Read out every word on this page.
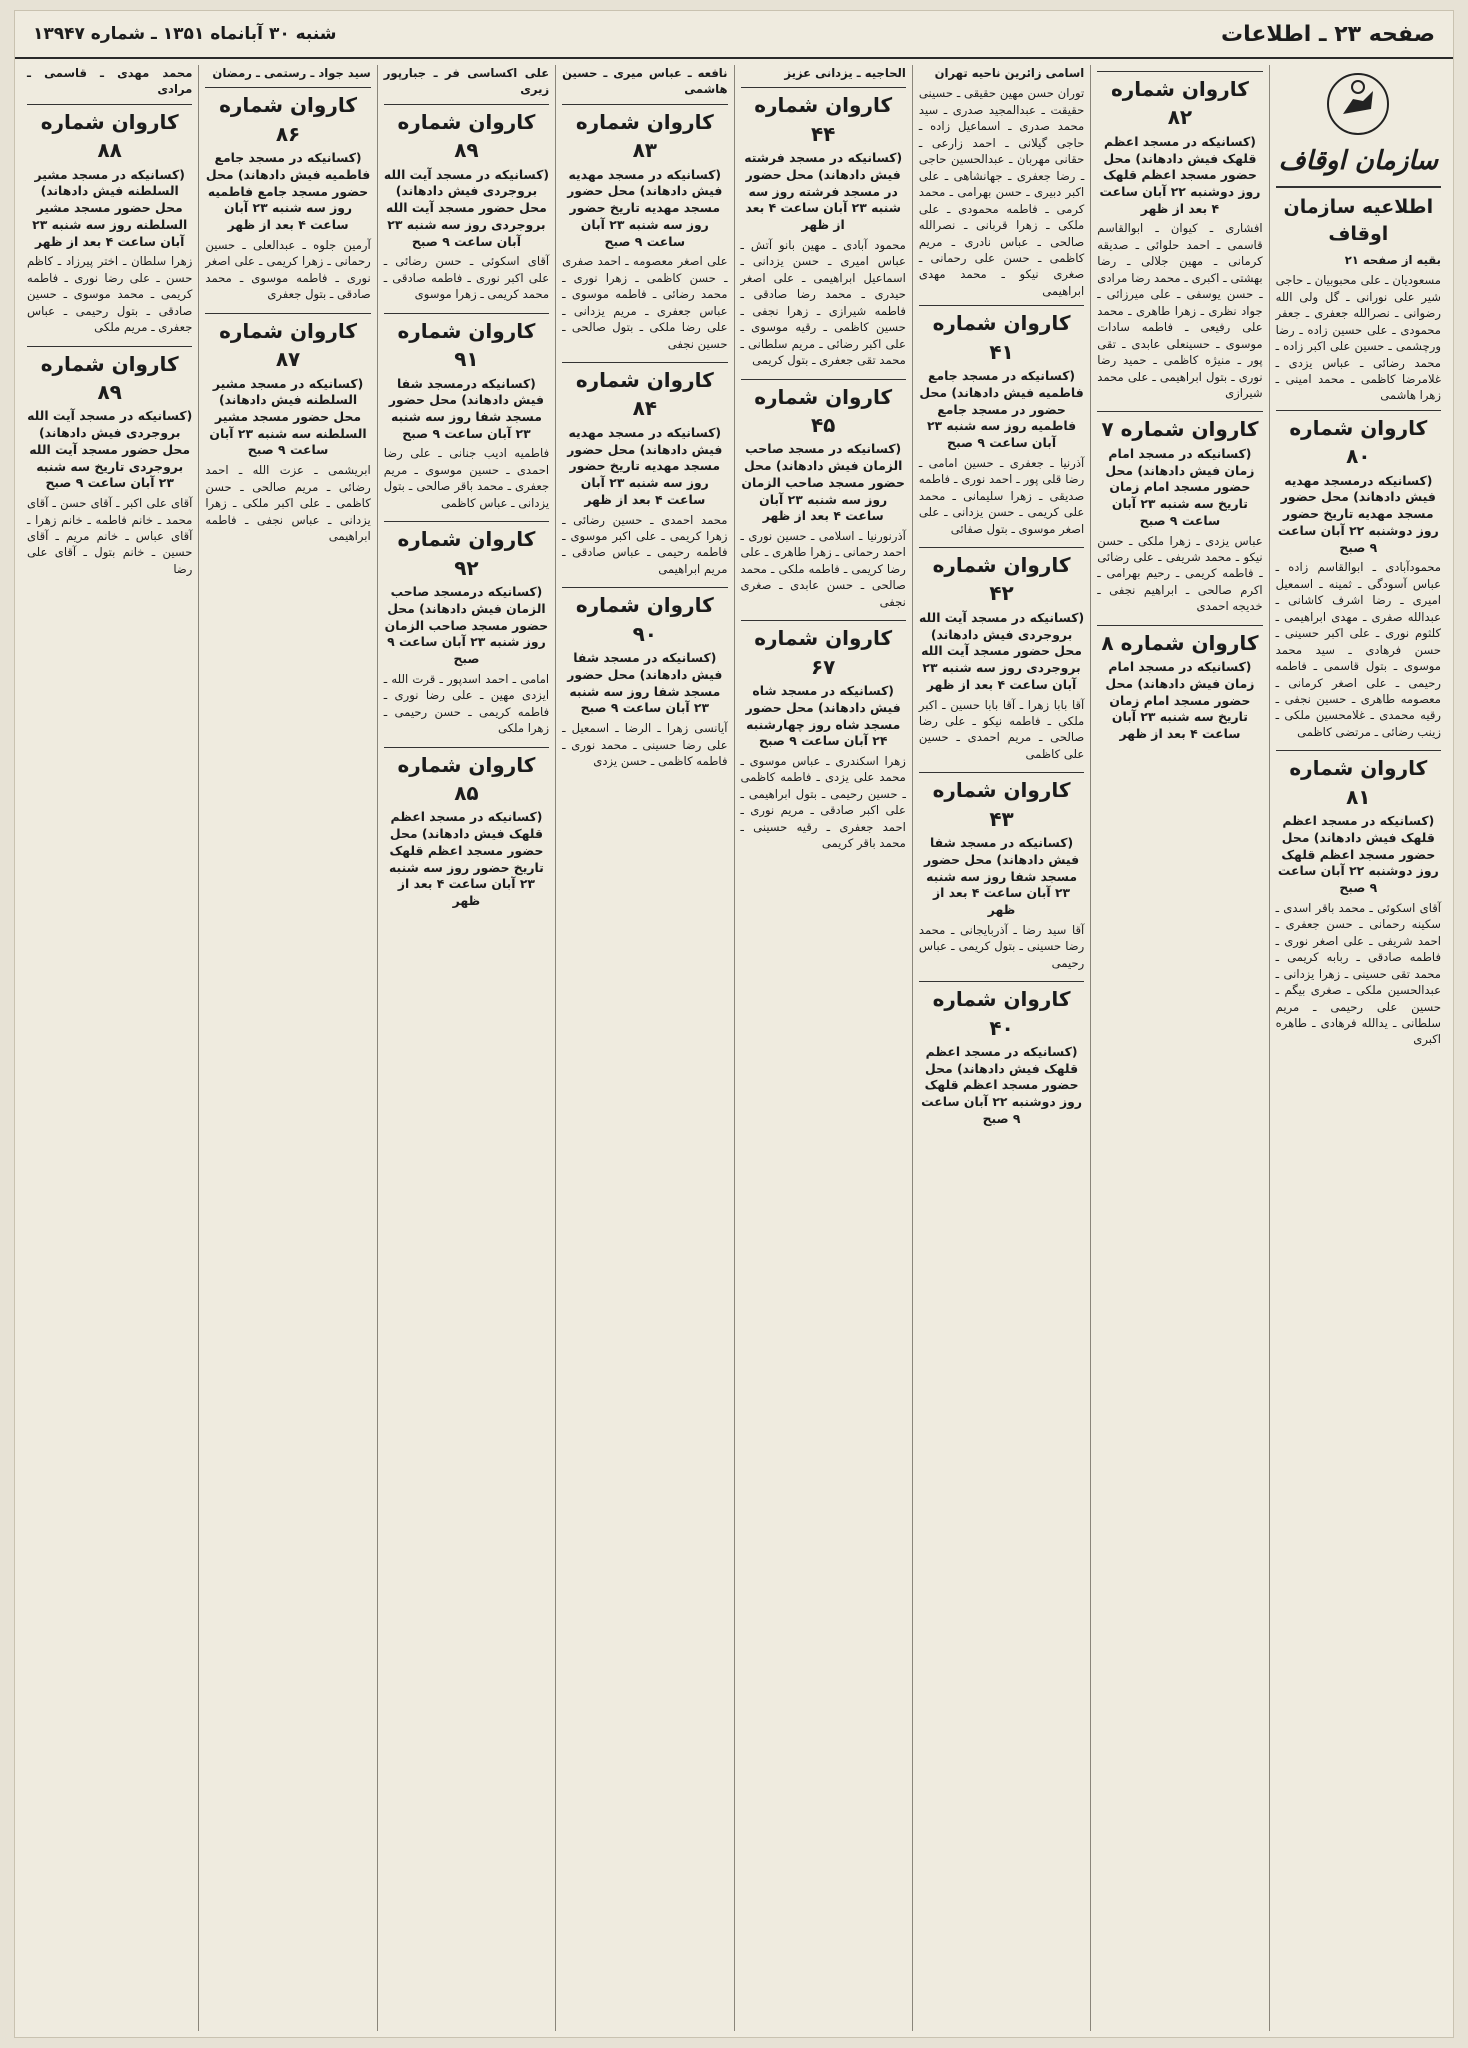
صفحه ۲۳ ـ اطلاعات
شنبه ۳۰ آبانماه ۱۳۵۱ ـ شماره ۱۳۹۴۷
سازمان اوقاف
اطلاعیه سازمان اوقاف

بقیه از صفحه ۲۱

مسعودیان ـ علی محبوبیان ـ حاجی شیر علی نورانی ـ گل ولی الله رضوانی ـ نصرالله جعفری ـ جعفر محمودی ـ علی حسین زاده ـ رضا ورچشمی ـ حسین علی اکبر زاده ـ محمد رضائی ـ عباس یزدی ـ غلامرضا کاظمی ـ محمد امینی ـ زهرا هاشمی

کاروان شماره ۸۰
(کسانیکه درمسجد مهدیه فیش دادهاند) محل حضور مسجد مهدیه تاریخ حضور روز دوشنبه ۲۲ آبان ساعت ۹ صبح

محمودآبادی ـ ابوالقاسم زاده ـ عباس آسودگی ـ ثمینه ـ اسمعیل امیری ـ رضا اشرف کاشانی ـ عبدالله صفری ـ مهدی ابراهیمی ـ کلثوم نوری ـ علی اکبر حسینی ـ حسن فرهادی ـ سید محمد موسوی ـ بتول قاسمی ـ فاطمه رحیمی ـ علی اصغر کرمانی ـ معصومه طاهری ـ حسین نجفی ـ رقیه محمدی ـ غلامحسین ملکی ـ زینب رضائی ـ مرتضی کاظمی

کاروان شماره ۸۱
(کسانیکه در مسجد اعظم قلهک فیش دادهاند) محل حضور مسجد اعظم قلهک روز دوشنبه ۲۲ آبان ساعت ۹ صبح

آقای اسکوئی ـ محمد باقر اسدی ـ سکینه رحمانی ـ حسن جعفری ـ احمد شریفی ـ علی اصغر نوری ـ فاطمه صادقی ـ ربابه کریمی ـ محمد تقی حسینی ـ زهرا یزدانی ـ عبدالحسین ملکی ـ صغری بیگم ـ حسین علی رحیمی ـ مریم سلطانی ـ یدالله فرهادی ـ طاهره اکبری

کاروان شماره ۸۲
(کسانیکه در مسجد اعظم قلهک فیش دادهاند) محل حضور مسجد اعظم قلهک روز دوشنبه ۲۲ آبان ساعت ۴ بعد از ظهر

افشاری ـ کیوان ـ ابوالقاسم قاسمی ـ احمد حلوائی ـ صدیقه کرمانی ـ مهین جلالی ـ رضا بهشتی ـ اکبری ـ محمد رضا مرادی ـ حسن یوسفی ـ علی میرزائی ـ جواد نظری ـ زهرا طاهری ـ محمد علی رفیعی ـ فاطمه سادات موسوی ـ حسینعلی عابدی ـ تقی پور ـ منیژه کاظمی ـ حمید رضا نوری ـ بتول ابراهیمی ـ علی محمد شیرازی

کاروان شماره ۷
(کسانیکه در مسجد امام زمان فیش دادهاند) محل حضور مسجد امام زمان تاریخ سه شنبه ۲۳ آبان ساعت ۹ صبح

عباس یزدی ـ زهرا ملکی ـ حسن نیکو ـ محمد شریفی ـ علی رضائی ـ فاطمه کریمی ـ رحیم بهرامی ـ اکرم صالحی ـ ابراهیم نجفی ـ خدیجه احمدی

کاروان شماره ۸
(کسانیکه در مسجد امام زمان فیش دادهاند) محل حضور مسجد امام زمان تاریخ سه شنبه ۲۳ آبان ساعت ۴ بعد از ظهر

اسامی زائرین ناحیه تهران

توران حسن مهین حقیقی ـ حسینی حقیقت ـ عبدالمجید صدری ـ سید محمد صدری ـ اسماعیل زاده ـ حاجی گیلانی ـ احمد زارعی ـ حقانی مهربان ـ عبدالحسین حاجی ـ رضا جعفری ـ جهانشاهی ـ علی اکبر دبیری ـ حسن بهرامی ـ محمد کرمی ـ فاطمه محمودی ـ علی ملکی ـ زهرا قربانی ـ نصرالله صالحی ـ عباس نادری ـ مریم کاظمی ـ حسن علی رحمانی ـ صغری نیکو ـ محمد مهدی ابراهیمی

کاروان شماره ۴۱
(کسانیکه در مسجد جامع فاطمیه فیش دادهاند) محل حضور در مسجد جامع فاطمیه روز سه شنبه ۲۳ آبان ساعت ۹ صبح

آذرنیا ـ جعفری ـ حسین امامی ـ رضا قلی پور ـ احمد نوری ـ فاطمه صدیقی ـ زهرا سلیمانی ـ محمد علی کریمی ـ حسن یزدانی ـ علی اصغر موسوی ـ بتول صفائی

کاروان شماره ۴۲
(کسانیکه در مسجد آیت الله بروجردی فیش دادهاند) محل حضور مسجد آیت الله بروجردی روز سه شنبه ۲۳ آبان ساعت ۴ بعد از ظهر

آقا بابا زهرا ـ آقا بابا حسین ـ اکبر ملکی ـ فاطمه نیکو ـ علی رضا صالحی ـ مریم احمدی ـ حسین علی کاظمی

کاروان شماره ۴۳
(کسانیکه در مسجد شفا فیش دادهاند) محل حضور مسجد شفا روز سه شنبه ۲۳ آبان ساعت ۴ بعد از ظهر

آقا سید رضا ـ آذربایجانی ـ محمد رضا حسینی ـ بتول کریمی ـ عباس رحیمی

کاروان شماره ۴۰
(کسانیکه در مسجد اعظم قلهک فیش دادهاند) محل حضور مسجد اعظم قلهک روز دوشنبه ۲۲ آبان ساعت ۹ صبح

الحاجیه ـ یزدانی عزیز

کاروان شماره ۴۴
(کسانیکه در مسجد فرشته فیش دادهاند) محل حضور در مسجد فرشته روز سه شنبه ۲۳ آبان ساعت ۴ بعد از ظهر

محمود آبادی ـ مهین بانو آتش ـ عباس امیری ـ حسن یزدانی ـ اسماعیل ابراهیمی ـ علی اصغر حیدری ـ محمد رضا صادقی ـ فاطمه شیرازی ـ زهرا نجفی ـ حسین کاظمی ـ رقیه موسوی ـ علی اکبر رضائی ـ مریم سلطانی ـ محمد تقی جعفری ـ بتول کریمی

کاروان شماره ۴۵
(کسانیکه در مسجد صاحب الزمان فیش دادهاند) محل حضور مسجد صاحب الزمان روز سه شنبه ۲۳ آبان ساعت ۴ بعد از ظهر

آذرنورنیا ـ اسلامی ـ حسین نوری ـ احمد رحمانی ـ زهرا طاهری ـ علی رضا کریمی ـ فاطمه ملکی ـ محمد صالحی ـ حسن عابدی ـ صغری نجفی

کاروان شماره ۶۷
(کسانیکه در مسجد شاه فیش دادهاند) محل حضور مسجد شاه روز چهارشنبه ۲۴ آبان ساعت ۹ صبح

زهرا اسکندری ـ عباس موسوی ـ محمد علی یزدی ـ فاطمه کاظمی ـ حسین رحیمی ـ بتول ابراهیمی ـ علی اکبر صادقی ـ مریم نوری ـ احمد جعفری ـ رقیه حسینی ـ محمد باقر کریمی

نافعه ـ عباس میری ـ حسین هاشمی

کاروان شماره ۸۳
(کسانیکه در مسجد مهدیه فیش دادهاند) محل حضور مسجد مهدیه تاریخ حضور روز سه شنبه ۲۳ آبان ساعت ۹ صبح

علی اصغر معصومه ـ احمد صفری ـ حسن کاظمی ـ زهرا نوری ـ محمد رضائی ـ فاطمه موسوی ـ عباس جعفری ـ مریم یزدانی ـ علی رضا ملکی ـ بتول صالحی ـ حسین نجفی

کاروان شماره ۸۴
(کسانیکه در مسجد مهدیه فیش دادهاند) محل حضور مسجد مهدیه تاریخ حضور روز سه شنبه ۲۳ آبان ساعت ۴ بعد از ظهر

محمد احمدی ـ حسین رضائی ـ زهرا کریمی ـ علی اکبر موسوی ـ فاطمه رحیمی ـ عباس صادقی ـ مریم ابراهیمی

کاروان شماره ۹۰
(کسانیکه در مسجد شفا فیش دادهاند) محل حضور مسجد شفا روز سه شنبه ۲۳ آبان ساعت ۹ صبح

آیانسی زهرا ـ الرضا ـ اسمعیل ـ علی رضا حسینی ـ محمد نوری ـ فاطمه کاظمی ـ حسن یزدی

علی اکساسی فر ـ جبارپور زیری

کاروان شماره ۸۹
(کسانیکه در مسجد آیت الله بروجردی فیش دادهاند) محل حضور مسجد آیت الله بروجردی روز سه شنبه ۲۳ آبان ساعت ۹ صبح

آقای اسکوئی ـ حسن رضائی ـ علی اکبر نوری ـ فاطمه صادقی ـ محمد کریمی ـ زهرا موسوی

کاروان شماره ۹۱
(کسانیکه درمسجد شفا فیش دادهاند) محل حضور مسجد شفا روز سه شنبه ۲۳ آبان ساعت ۹ صبح

فاطمیه ادیب جنانی ـ علی رضا احمدی ـ حسین موسوی ـ مریم جعفری ـ محمد باقر صالحی ـ بتول یزدانی ـ عباس کاظمی

کاروان شماره ۹۲
(کسانیکه درمسجد صاحب الزمان فیش دادهاند) محل حضور مسجد صاحب الزمان روز شنبه ۲۳ آبان ساعت ۹ صبح

امامی ـ احمد اسدپور ـ قرت الله ـ ایزدی مهین ـ علی رضا نوری ـ فاطمه کریمی ـ حسن رحیمی ـ زهرا ملکی

کاروان شماره ۸۵
(کسانیکه در مسجد اعظم قلهک فیش دادهاند) محل حضور مسجد اعظم قلهک تاریخ حضور روز سه شنبه ۲۳ آبان ساعت ۴ بعد از ظهر

سید جواد ـ رستمی ـ رمضان

کاروان شماره ۸۶
(کسانیکه در مسجد جامع فاطمیه فیش دادهاند) محل حضور مسجد جامع فاطمیه روز سه شنبه ۲۳ آبان ساعت ۴ بعد از ظهر

آرمین جلوه ـ عبدالعلی ـ حسین رحمانی ـ زهرا کریمی ـ علی اصغر نوری ـ فاطمه موسوی ـ محمد صادقی ـ بتول جعفری

کاروان شماره ۸۷
(کسانیکه در مسجد مشیر السلطنه فیش دادهاند) محل حضور مسجد مشیر السلطنه سه شنبه ۲۳ آبان ساعت ۹ صبح

ابریشمی ـ عزت الله ـ احمد رضائی ـ مریم صالحی ـ حسن کاظمی ـ علی اکبر ملکی ـ زهرا یزدانی ـ عباس نجفی ـ فاطمه ابراهیمی

محمد مهدی ـ قاسمی ـ مرادی

کاروان شماره ۸۸
(کسانیکه در مسجد مشیر السلطنه فیش دادهاند) محل حضور مسجد مشیر السلطنه روز سه شنبه ۲۳ آبان ساعت ۴ بعد از ظهر

زهرا سلطان ـ اختر پیرزاد ـ کاظم حسن ـ علی رضا نوری ـ فاطمه کریمی ـ محمد موسوی ـ حسین صادقی ـ بتول رحیمی ـ عباس جعفری ـ مریم ملکی

کاروان شماره ۸۹
(کسانیکه در مسجد آیت الله بروجردی فیش دادهاند) محل حضور مسجد آیت الله بروجردی تاریخ سه شنبه ۲۳ آبان ساعت ۹ صبح

آقای علی اکبر ـ آقای حسن ـ آقای محمد ـ خانم فاطمه ـ خانم زهرا ـ آقای عباس ـ خانم مریم ـ آقای حسین ـ خانم بتول ـ آقای علی رضا
